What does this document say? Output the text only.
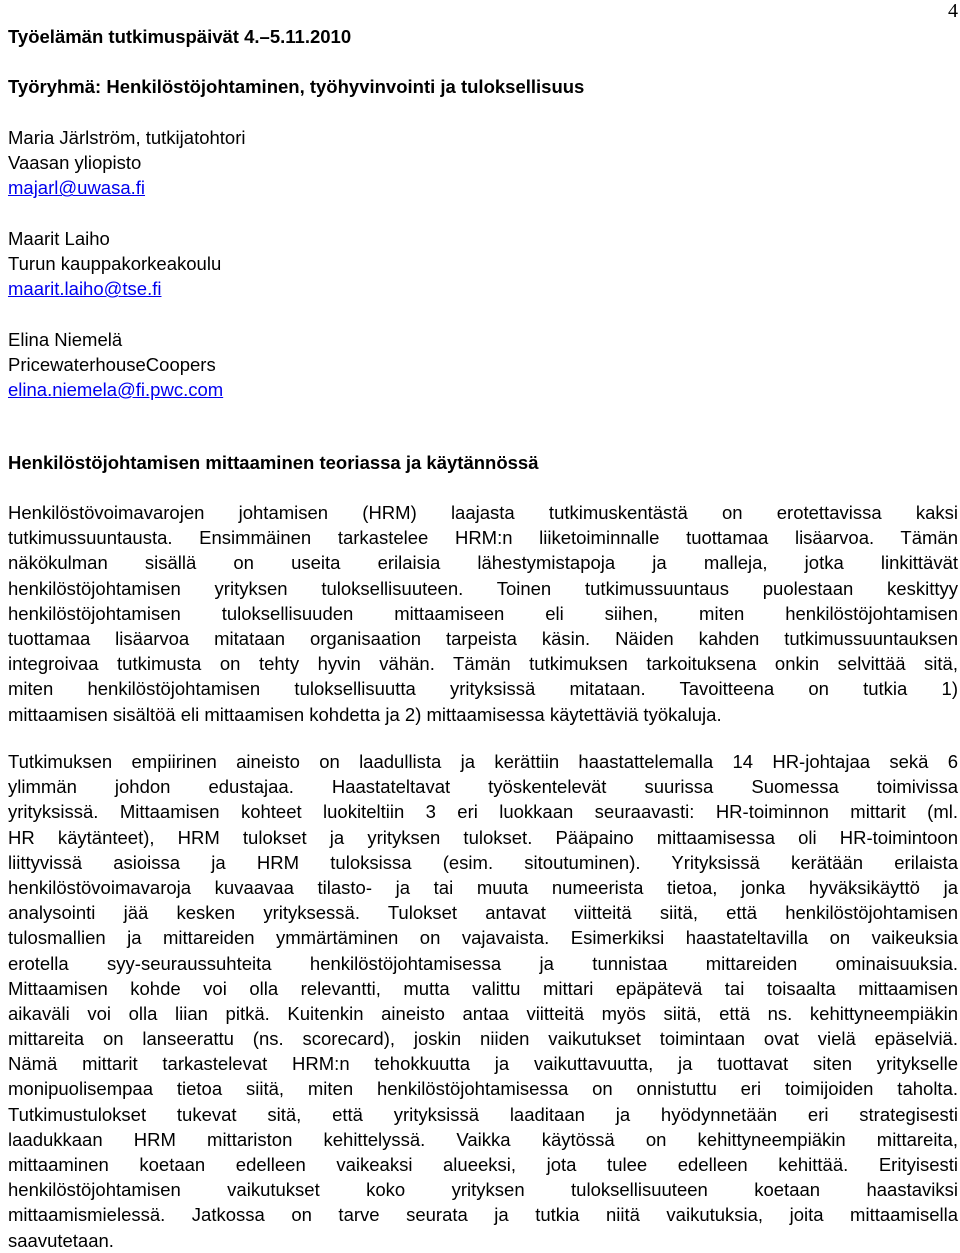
4
Työelämän tutkimuspäivät 4.–5.11.2010
Työryhmä: Henkilöstöjohtaminen, työhyvinvointi ja tuloksellisuus
Maria Järlström, tutkijatohtori
Vaasan yliopisto
majarl@uwasa.fi
Maarit Laiho
Turun kauppakorkeakoulu
maarit.laiho@tse.fi
Elina Niemelä
PricewaterhouseCoopers
elina.niemela@fi.pwc.com
Henkilöstöjohtamisen mittaaminen teoriassa ja käytännössä
Henkilöstövoimavarojen johtamisen (HRM) laajasta tutkimuskentästä on erotettavissa kaksi
tutkimussuuntausta. Ensimmäinen tarkastelee HRM:n liiketoiminnalle tuottamaa lisäarvoa. Tämän
näkökulman sisällä on useita erilaisia lähestymistapoja ja malleja, jotka linkittävät
henkilöstöjohtamisen yrityksen tuloksellisuuteen. Toinen tutkimussuuntaus puolestaan keskittyy
henkilöstöjohtamisen tuloksellisuuden mittaamiseen eli siihen, miten henkilöstöjohtamisen
tuottamaa lisäarvoa mitataan organisaation tarpeista käsin. Näiden kahden tutkimussuuntauksen
integroivaa tutkimusta on tehty hyvin vähän. Tämän tutkimuksen tarkoituksena onkin selvittää sitä,
miten henkilöstöjohtamisen tuloksellisuutta yrityksissä mitataan. Tavoitteena on tutkia 1)
mittaamisen sisältöä eli mittaamisen kohdetta ja 2) mittaamisessa käytettäviä työkaluja.
Tutkimuksen empiirinen aineisto on laadullista ja kerättiin haastattelemalla 14 HR-johtajaa sekä 6
ylimmän johdon edustajaa. Haastateltavat työskentelevät suurissa Suomessa toimivissa
yrityksissä. Mittaamisen kohteet luokiteltiin 3 eri luokkaan seuraavasti: HR-toiminnon mittarit (ml.
HR käytänteet), HRM tulokset ja yrityksen tulokset. Pääpaino mittaamisessa oli HR-toimintoon
liittyvissä asioissa ja HRM tuloksissa (esim. sitoutuminen). Yrityksissä kerätään erilaista
henkilöstövoimavaroja kuvaavaa tilasto- ja tai muuta numeerista tietoa, jonka hyväksikäyttö ja
analysointi jää kesken yrityksessä. Tulokset antavat viitteitä siitä, että henkilöstöjohtamisen
tulosmallien ja mittareiden ymmärtäminen on vajavaista. Esimerkiksi haastateltavilla on vaikeuksia
erotella syy-seuraussuhteita henkilöstöjohtamisessa ja tunnistaa mittareiden ominaisuuksia.
Mittaamisen kohde voi olla relevantti, mutta valittu mittari epäpätevä tai toisaalta mittaamisen
aikaväli voi olla liian pitkä. Kuitenkin aineisto antaa viitteitä myös siitä, että ns. kehittyneempiäkin
mittareita on lanseerattu (ns. scorecard), joskin niiden vaikutukset toimintaan ovat vielä epäselviä.
Nämä mittarit tarkastelevat HRM:n tehokkuutta ja vaikuttavuutta, ja tuottavat siten yritykselle
monipuolisempaa tietoa siitä, miten henkilöstöjohtamisessa on onnistuttu eri toimijoiden taholta.
Tutkimustulokset tukevat sitä, että yrityksissä laaditaan ja hyödynnetään eri strategisesti
laadukkaan HRM mittariston kehittelyssä. Vaikka käytössä on kehittyneempiäkin mittareita,
mittaaminen koetaan edelleen vaikeaksi alueeksi, jota tulee edelleen kehittää. Erityisesti
henkilöstöjohtamisen vaikutukset koko yrityksen tuloksellisuuteen koetaan haastaviksi
mittaamismielessä. Jatkossa on tarve seurata ja tutkia niitä vaikutuksia, joita mittaamisella
saavutetaan.
